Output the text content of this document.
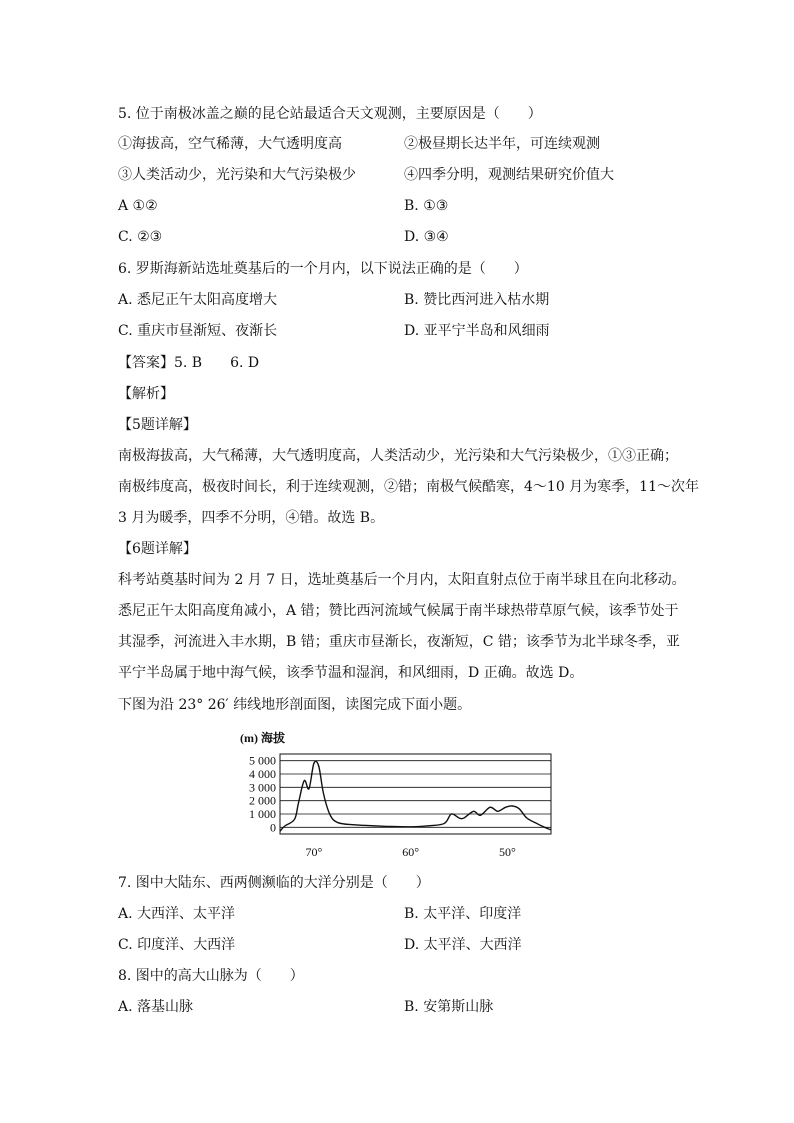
5. 位于南极冰盖之巅的昆仑站最适合天文观测，主要原因是（　　）
①海拔高，空气稀薄，大气透明度高	②极昼期长达半年，可连续观测
③人类活动少，光污染和大气污染极少	④四季分明，观测结果研究价值大
A ①②	B. ①③
C. ②③	D. ③④
6. 罗斯海新站选址奠基后的一个月内，以下说法正确的是（　　）
A. 悉尼正午太阳高度增大	B. 赞比西河进入枯水期
C. 重庆市昼渐短、夜渐长	D. 亚平宁半岛和风细雨
【答案】5. B　　6. D
【解析】
【5题详解】
南极海拔高，大气稀薄，大气透明度高，人类活动少，光污染和大气污染极少，①③正确；
南极纬度高，极夜时间长，利于连续观测，②错；南极气候酷寒，4～10 月为寒季，11～次年
3 月为暖季，四季不分明，④错。故选 B。
【6题详解】
科考站奠基时间为 2 月 7 日，选址奠基后一个月内，太阳直射点位于南半球且在向北移动。
悉尼正午太阳高度角减小，A 错；赞比西河流域气候属于南半球热带草原气候，该季节处于
其湿季，河流进入丰水期，B 错；重庆市昼渐长，夜渐短，C 错；该季节为北半球冬季，亚
平宁半岛属于地中海气候，该季节温和湿润，和风细雨，D 正确。故选 D。
下图为沿 23° 26′ 纬线地形剖面图，读图完成下面小题。
(m) 海拔
5 000
4 000
3 000
2 000
1 000
0
70°	60°	50°
7. 图中大陆东、西两侧濒临的大洋分别是（　　）
A. 大西洋、太平洋	B. 太平洋、印度洋
C. 印度洋、大西洋	D. 太平洋、大西洋
8. 图中的高大山脉为（　　）
A. 落基山脉	B. 安第斯山脉
